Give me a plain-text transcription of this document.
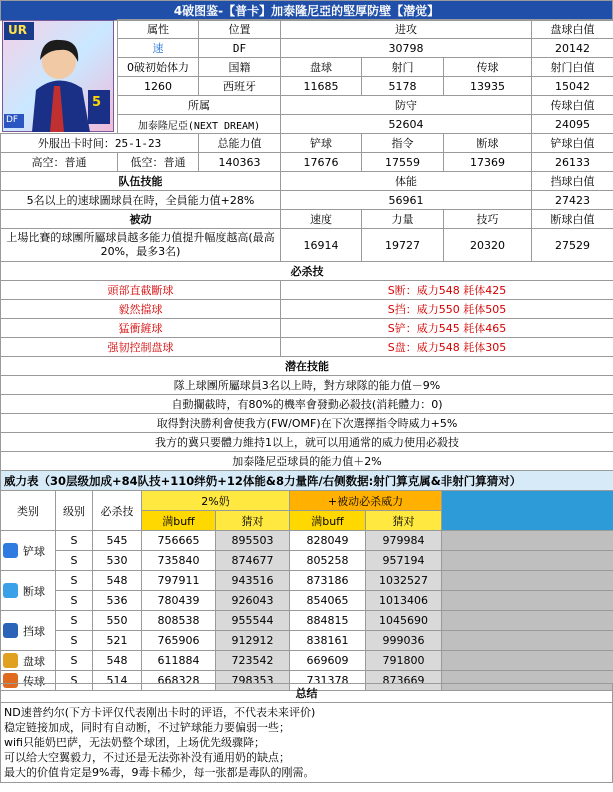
4破图鉴-【普卡】加泰隆尼亞的堅厚防壁【潜觉】
UR
5
DF
属性	位置	进攻			盘球白值
速	DF	30798			20142
0破初始体力	国籍	盘球	射门	传球	射门白值
1260	西班牙	11685	5178	13935	15042
所属		防守			传球白值
加泰隆尼亞(NEXT DREAM)		52604			24095
外服出卡时间：25-1-23		总能力值	铲球	指令	断球	铲球白值
高空：普通	低空：普通	140363	17676	17559	17369	26133
队伍技能			体能			挡球白值
5名以上的速球圖球員在時，全員能力值+28%			56961			27423
被动			速度	力量	技巧	断球白值
上場比賽的球團所屬球員越多能力值提升幅度越高(最高20%，最多3名)			16914	19727	20320	27529
必杀技						
頭部直截斷球			S断：威力548 耗体425			
毅然擋球			S挡：威力550 耗体505			
猛衝鏟球			S铲：威力545 耗体465			
强韧控制盘球			S盘：威力548 耗体305			
潜在技能						
隊上球團所屬球員3名以上時，對方球隊的能力值－9%						
自動攔截時，有80%的機率會發動必殺技(消耗體力：0)						
取得對決勝利會使我方(FW/OMF)在下次選擇指令時威力+5%						
我方的冀只要體力維持1以上，就可以用通常的威力使用必殺技						
加泰隆尼亞球員的能力值＋2%						
威力表（30层级加成+84队技+110绊奶+12体能&8力量阵/右侧数据:射门算克属&非射门算猜对）							
类别	级别	必杀技	2%奶		+被动必杀威力		
			满buff	猜对	满buff	猜对	

铲球	S	545	756665	895503	828049	979984	
	S	530	735840	874677	805258	957194	

断球	S	548	797911	943516	873186	1032527	
	S	536	780439	926043	854065	1013406	

挡球	S	550	808538	955544	884815	1045690	
	S	521	765906	912912	838161	999036	

盘球	S	548	611884	723542	669609	791800	

传球	S	514	668328	798353	731378	873669	
总结
ND速普约尔(下方卡评仅代表刚出卡时的评语，不代表未来评价)
稳定链接加成，同时有自动断，不过铲球能力要偏弱一些；
wifi只能奶巴萨，无法奶整个球团，上场优先级骤降；
可以给大空翼毅力，不过还是无法弥补没有通用奶的缺点；
最大的价值肯定是9%毒，9毒卡稀少，每一张都是毒队的刚需。
